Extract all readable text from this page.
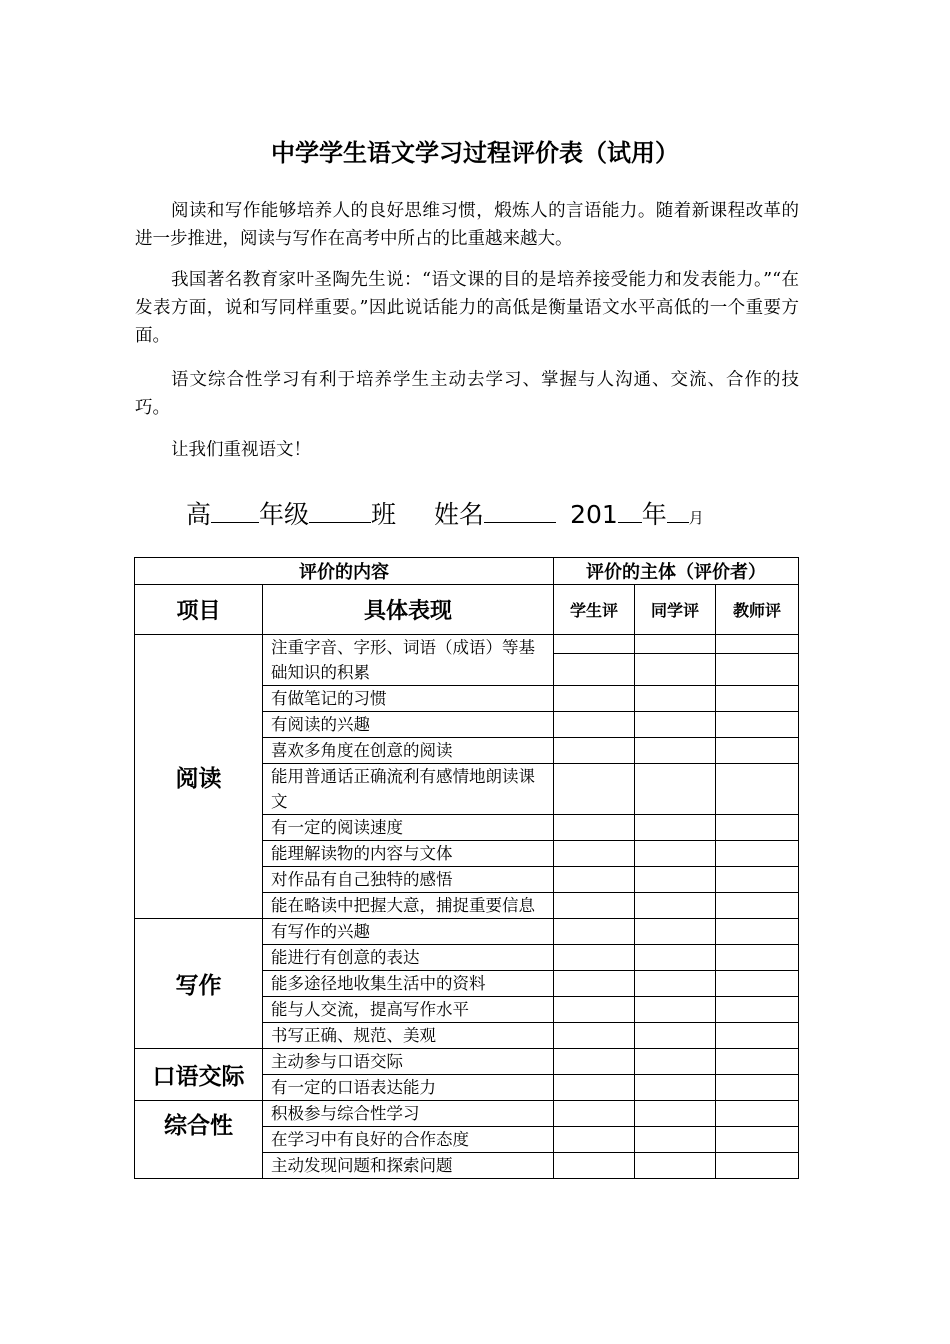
中学学生语文学习过程评价表（试用）

阅读和写作能够培养人的良好思维习惯，煅炼人的言语能力。随着新课程改革的进一步推进，阅读与写作在高考中所占的比重越来越大。

我国著名教育家叶圣陶先生说：“语文课的目的是培养接受能力和发表能力。”“在发表方面，说和写同样重要。”因此说话能力的高低是衡量语文水平高低的一个重要方面。

语文综合性学习有利于培养学生主动去学习、掌握与人沟通、交流、合作的技巧。

让我们重视语文！

高 年级 班 姓名	201 年 月
评价的内容		评价的主体（评价者）		
项目	具体表现	学生评	同学评	教师评
阅读	注重字音、字形、词语（成语）等基础知识的积累			

	有做笔记的习惯			
	有阅读的兴趣			
	喜欢多角度在创意的阅读			
	能用普通话正确流利有感情地朗读课文			
	有一定的阅读速度			
	能理解读物的内容与文体			
	对作品有自己独特的感悟			
	能在略读中把握大意，捕捉重要信息			
写作	有写作的兴趣			
	能进行有创意的表达			
	能多途径地收集生活中的资料			
	能与人交流，提高写作水平			
	书写正确、规范、美观			
口语交际	主动参与口语交际			
	有一定的口语表达能力			
综合性	积极参与综合性学习			
	在学习中有良好的合作态度			
	主动发现问题和探索问题			
